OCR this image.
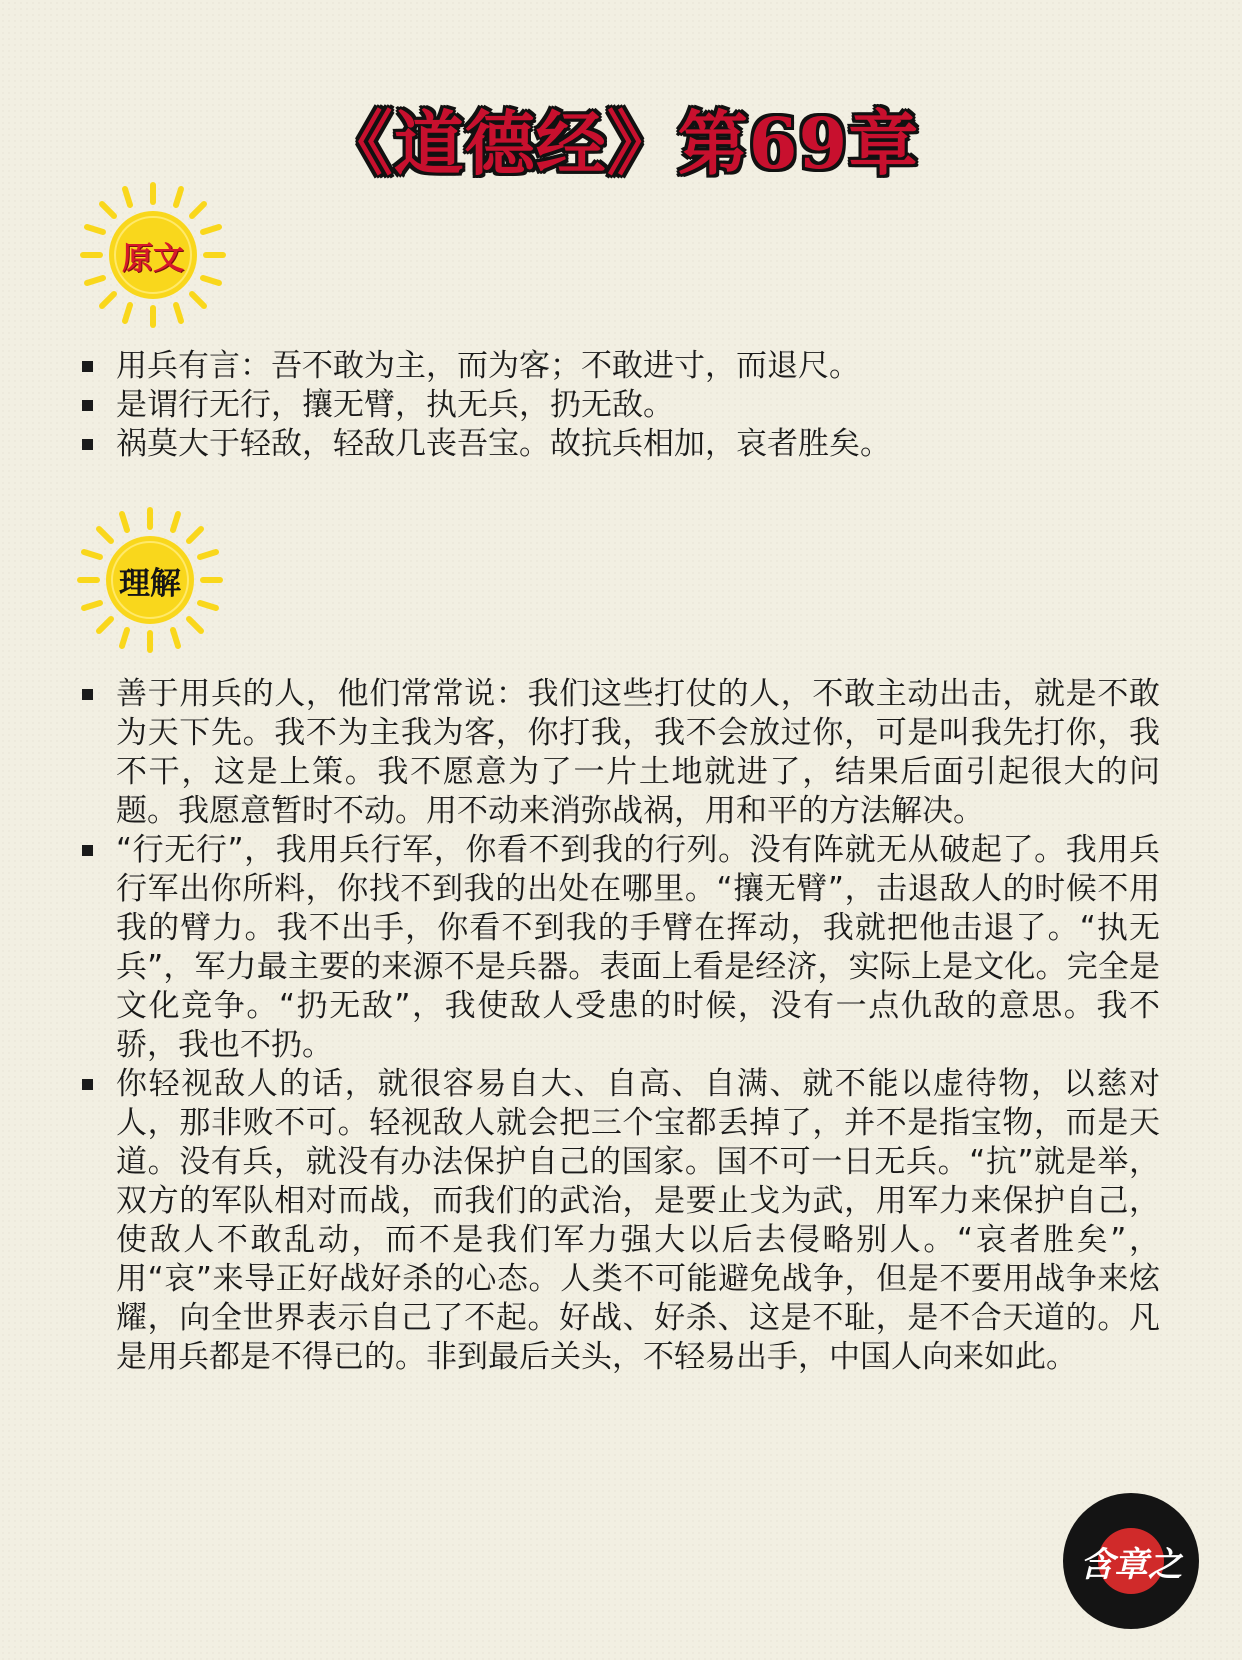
《道德经》第69章
原文
用兵有言：吾不敢为主，而为客；不敢进寸，而退尺。
是谓行无行，攘无臂，执无兵，扔无敌。
祸莫大于轻敌，轻敌几丧吾宝。故抗兵相加，哀者胜矣。
理解
善于用兵的人，他们常常说：我们这些打仗的人，不敢主动出击，就是不敢为天下先。我不为主我为客，你打我，我不会放过你，可是叫我先打你，我不干，这是上策。我不愿意为了一片土地就进了，结果后面引起很大的问题。我愿意暂时不动。用不动来消弥战祸，用和平的方法解决。
“行无行”，我用兵行军，你看不到我的行列。没有阵就无从破起了。我用兵行军出你所料，你找不到我的出处在哪里。“攘无臂”，击退敌人的时候不用我的臂力。我不出手，你看不到我的手臂在挥动，我就把他击退了。“执无兵”，军力最主要的来源不是兵器。表面上看是经济，实际上是文化。完全是文化竞争。“扔无敌”，我使敌人受患的时候，没有一点仇敌的意思。我不骄，我也不扔。
你轻视敌人的话，就很容易自大、自高、自满、就不能以虚待物，以慈对人，那非败不可。轻视敌人就会把三个宝都丢掉了，并不是指宝物，而是天道。没有兵，就没有办法保护自己的国家。国不可一日无兵。“抗”就是举，双方的军队相对而战，而我们的武治，是要止戈为武，用军力来保护自己，使敌人不敢乱动，而不是我们军力强大以后去侵略别人。“哀者胜矣”，用“哀”来导正好战好杀的心态。人类不可能避免战争，但是不要用战争来炫耀，向全世界表示自己了不起。好战、好杀、这是不耻，是不合天道的。凡是用兵都是不得已的。非到最后关头，不轻易出手，中国人向来如此。
含章之
